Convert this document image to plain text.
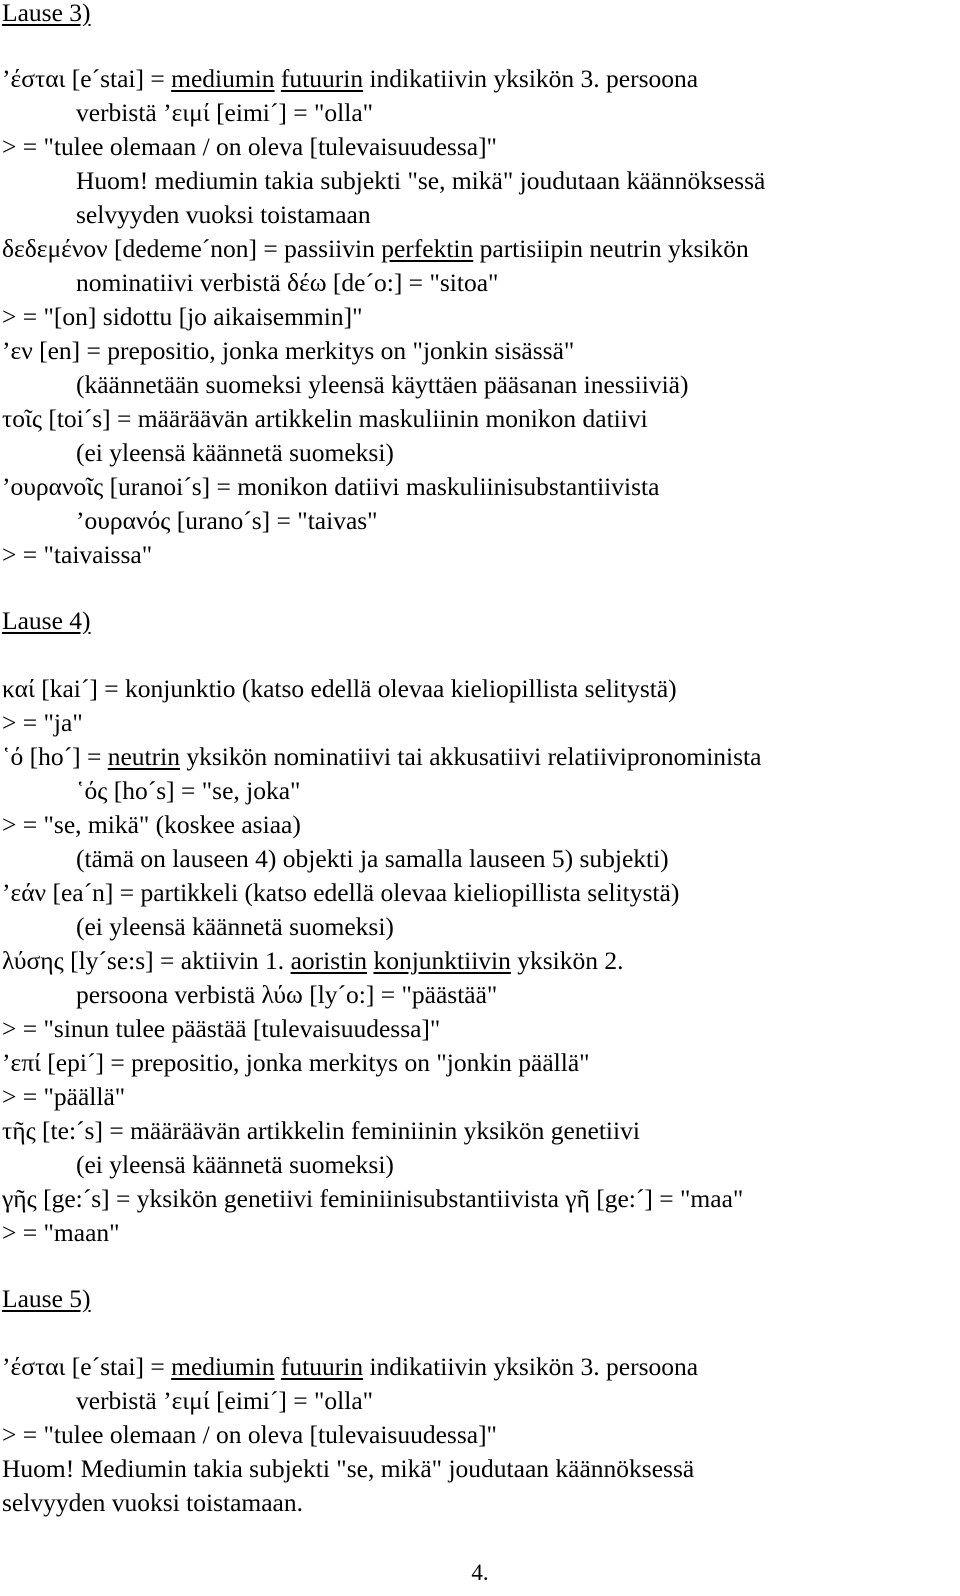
Lause 3)
’έσται [e´stai] = mediumin futuurin indikatiivin yksikön 3. persoona
verbistä ’ειμί [eimi´] = "olla"
> = "tulee olemaan / on oleva [tulevaisuudessa]"
Huom! mediumin takia subjekti "se, mikä" joudutaan käännöksessä
selvyyden vuoksi toistamaan
δεδεμένον [dedeme´non] = passiivin perfektin partisiipin neutrin yksikön
nominatiivi verbistä δέω [de´o:] = "sitoa"
> = "[on] sidottu [jo aikaisemmin]"
’εν [en] = prepositio, jonka merkitys on "jonkin sisässä"
(käännetään suomeksi yleensä käyttäen pääsanan inessiiviä)
τοῖς [toi´s] = määräävän artikkelin maskuliinin monikon datiivi
(ei yleensä käännetä suomeksi)
’ουρανοῖς [uranoi´s] = monikon datiivi maskuliinisubstantiivista
’ουρανός [urano´s] = "taivas"
> = "taivaissa"
Lause 4)
καί [kai´] = konjunktio (katso edellä olevaa kieliopillista selitystä)
> = "ja"
῾ό [ho´] = neutrin yksikön nominatiivi tai akkusatiivi relatiivipronominista
῾ός [ho´s] = "se, joka"
> = "se, mikä" (koskee asiaa)
(tämä on lauseen 4) objekti ja samalla lauseen 5) subjekti)
’εάν [ea´n] = partikkeli (katso edellä olevaa kieliopillista selitystä)
(ei yleensä käännetä suomeksi)
λύσης [ly´se:s] = aktiivin 1. aoristin konjunktiivin yksikön 2.
persoona verbistä λύω [ly´o:] = "päästää"
> = "sinun tulee päästää [tulevaisuudessa]"
’επί [epi´] = prepositio, jonka merkitys on "jonkin päällä"
> = "päällä"
τῆς [te:´s] = määräävän artikkelin feminiinin yksikön genetiivi
(ei yleensä käännetä suomeksi)
γῆς [ge:´s] = yksikön genetiivi feminiinisubstantiivista γῆ [ge:´] = "maa"
> = "maan"
Lause 5)
’έσται [e´stai] = mediumin futuurin indikatiivin yksikön 3. persoona
verbistä ’ειμί [eimi´] = "olla"
> = "tulee olemaan / on oleva [tulevaisuudessa]"
Huom! Mediumin takia subjekti "se, mikä" joudutaan käännöksessä
selvyyden vuoksi toistamaan.
4.
